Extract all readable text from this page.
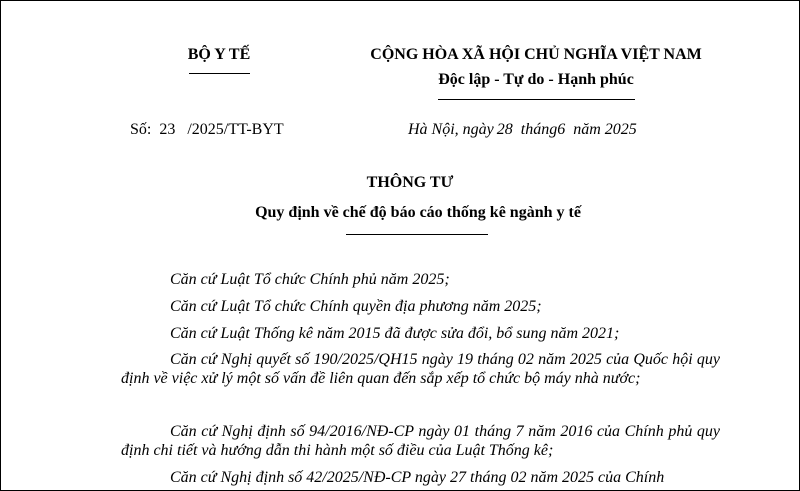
BỘ Y TẾ	CỘNG HÒA XÃ HỘI CHỦ NGHĨA VIỆT NAM
Độc lập - Tự do - Hạnh phúc
Số: 23 /2025/TT-BYT	Hà Nội, ngày 28 tháng6 năm 2025
THÔNG TƯ
Quy định về chế độ báo cáo thống kê ngành y tế
Căn cứ Luật Tổ chức Chính phủ năm 2025;
Căn cứ Luật Tổ chức Chính quyền địa phương năm 2025;
Căn cứ Luật Thống kê năm 2015 đã được sửa đổi, bổ sung năm 2021;
Căn cứ Nghị quyết số 190/2025/QH15 ngày 19 tháng 02 năm 2025 của Quốc hội quy định về việc xử lý một số vấn đề liên quan đến sắp xếp tổ chức bộ máy nhà nước;
Căn cứ Nghị định số 94/2016/NĐ-CP ngày 01 tháng 7 năm 2016 của Chính phủ quy định chi tiết và hướng dẫn thi hành một số điều của Luật Thống kê;
Căn cứ Nghị định số 42/2025/NĐ-CP ngày 27 tháng 02 năm 2025 của Chính
